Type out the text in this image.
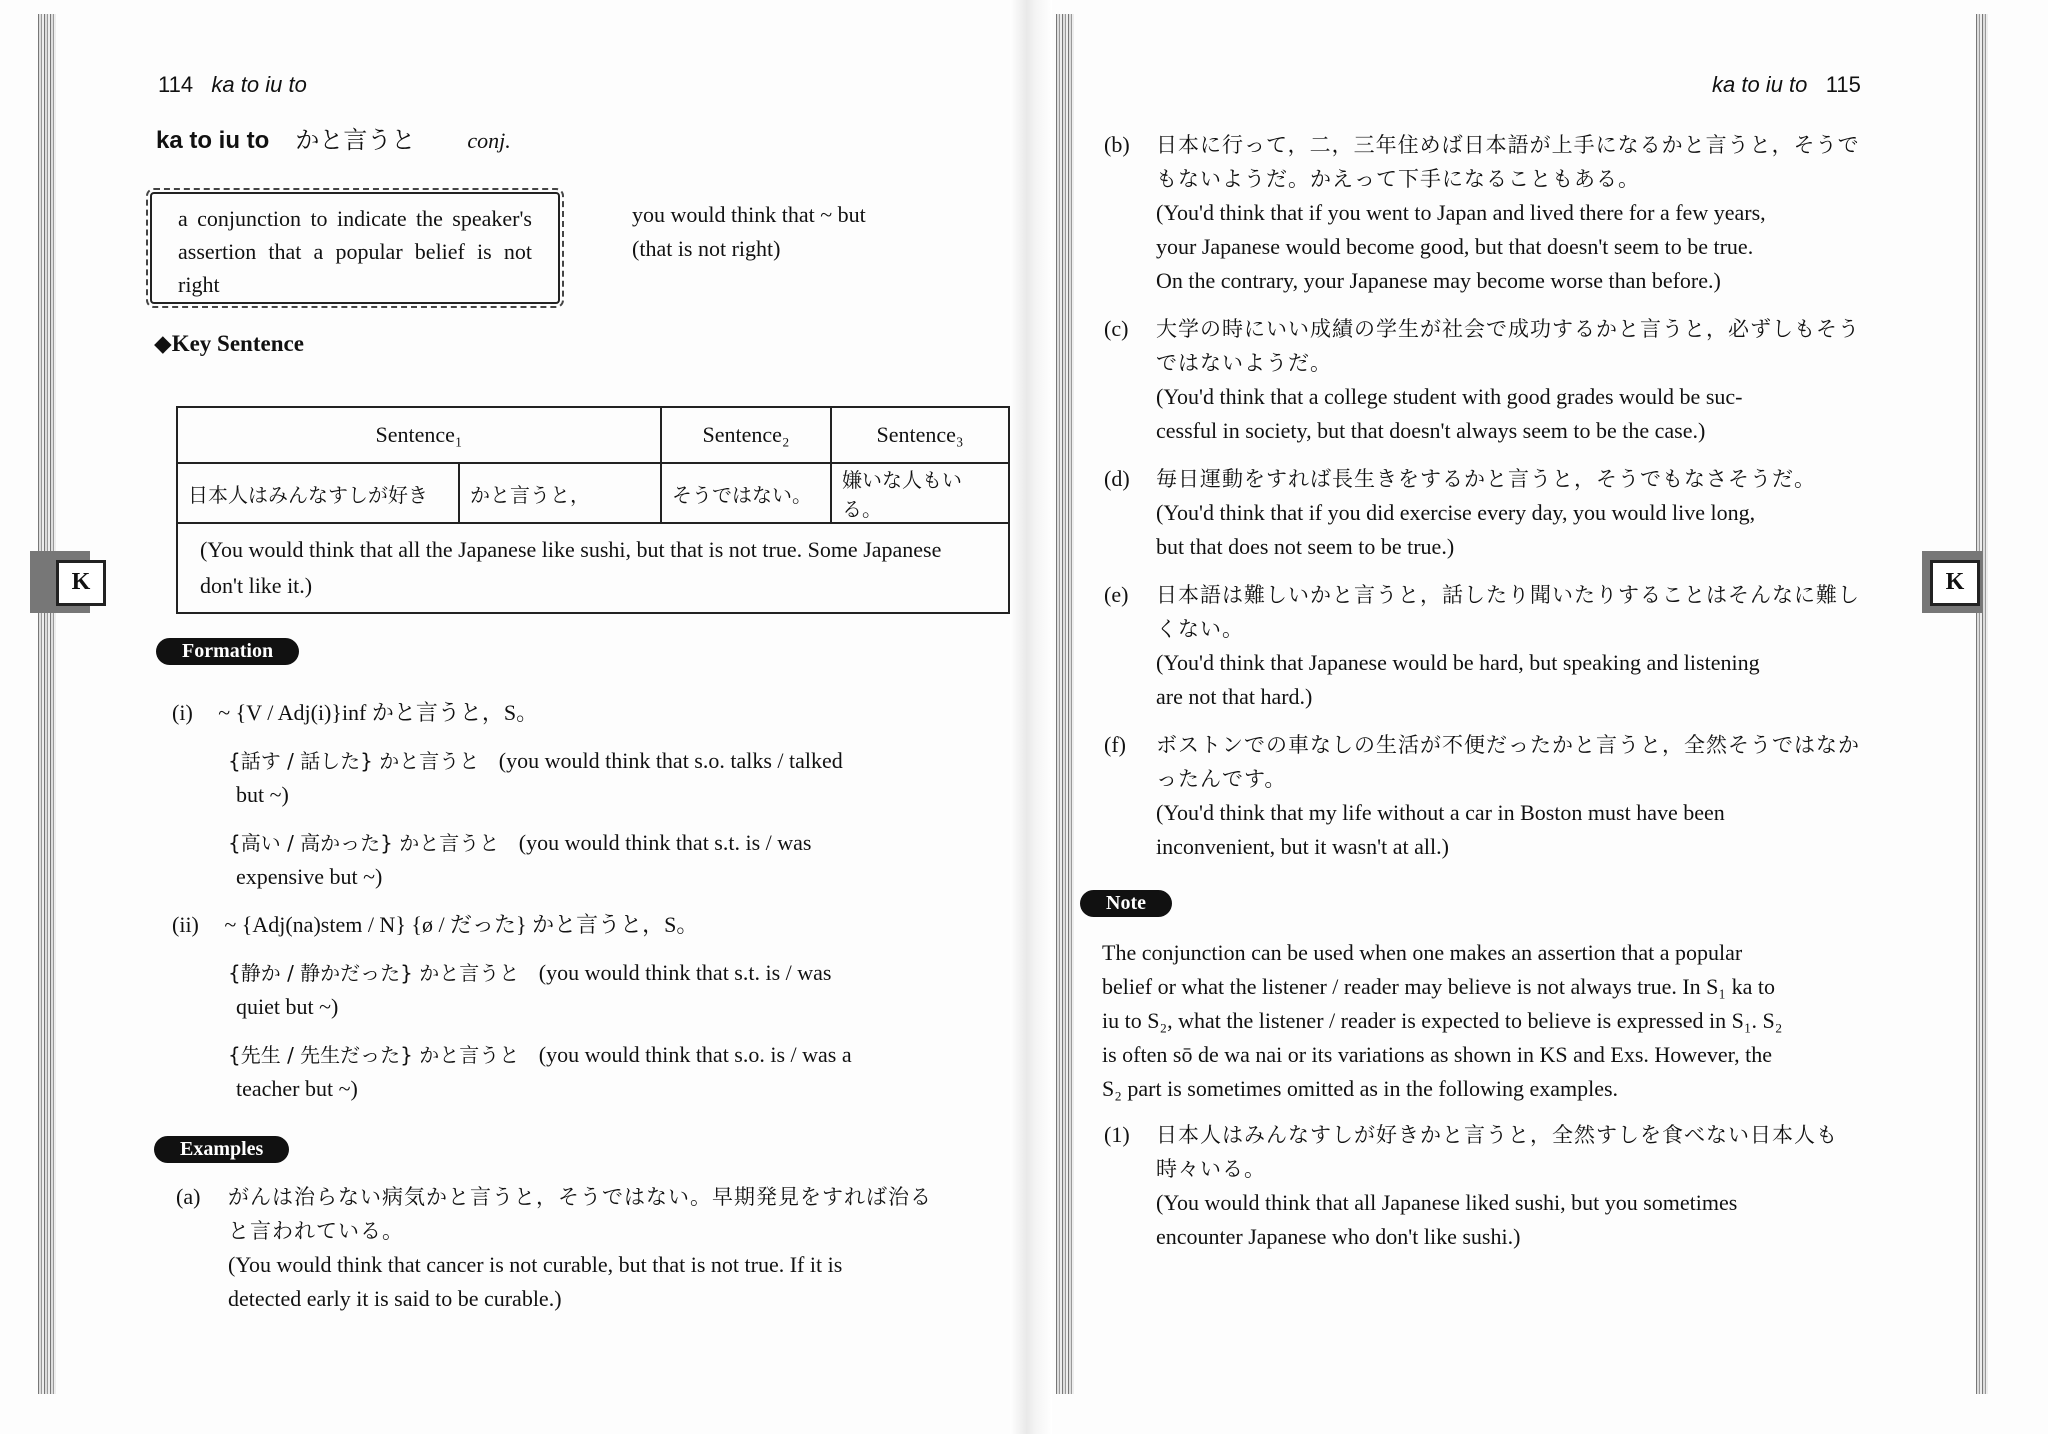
114 ka to iu to
ka to iu to かと言うと conj.
a conjunction to indicate the speaker's assertion that a popular belief is not right
you would think that ~ but
(that is not right)
◆Key Sentence
Sentence₁		Sentence₂	Sentence₃
日本人はみんなすしが好き	かと言うと，	そうではない。	嫌いな人もいる。
(You would think that all the Japanese like sushi, but that is not true. Some Japanese don't like it.)			
Formation
(i) ~ {V / Adj(i)}inf かと言うと，S。
{話す / 話した} かと言うと (you would think that s.o. talks / talked
but ~)
{高い / 高かった} かと言うと (you would think that s.t. is / was
expensive but ~)
(ii) ~ {Adj(na)stem / N} {ø / だった} かと言うと，S。
{静か / 静かだった} かと言うと (you would think that s.t. is / was
quiet but ~)
{先生 / 先生だった} かと言うと (you would think that s.o. is / was a
teacher but ~)
Examples
(a) がんは治らない病気かと言うと，そうではない。早期発見をすれば治る
と言われている。
(You would think that cancer is not curable, but that is not true. If it is
detected early it is said to be curable.)
K
ka to iu to 115
(b) 日本に行って，二，三年住めば日本語が上手になるかと言うと，そうで
もないようだ。かえって下手になることもある。
(You'd think that if you went to Japan and lived there for a few years,
your Japanese would become good, but that doesn't seem to be true.
On the contrary, your Japanese may become worse than before.)
(c) 大学の時にいい成績の学生が社会で成功するかと言うと，必ずしもそう
ではないようだ。
(You'd think that a college student with good grades would be suc-
cessful in society, but that doesn't always seem to be the case.)
(d) 毎日運動をすれば長生きをするかと言うと，そうでもなさそうだ。
(You'd think that if you did exercise every day, you would live long,
but that does not seem to be true.)
(e) 日本語は難しいかと言うと，話したり聞いたりすることはそんなに難し
くない。
(You'd think that Japanese would be hard, but speaking and listening
are not that hard.)
(f) ボストンでの車なしの生活が不便だったかと言うと，全然そうではなか
ったんです。
(You'd think that my life without a car in Boston must have been
inconvenient, but it wasn't at all.)
Note
The conjunction can be used when one makes an assertion that a popular
belief or what the listener / reader may believe is not always true. In S₁ ka to
iu to S₂, what the listener / reader is expected to believe is expressed in S₁. S₂
is often sō de wa nai or its variations as shown in KS and Exs. However, the
S₂ part is sometimes omitted as in the following examples.
(1) 日本人はみんなすしが好きかと言うと，全然すしを食べない日本人も
時々いる。
(You would think that all Japanese liked sushi, but you sometimes
encounter Japanese who don't like sushi.)
K
